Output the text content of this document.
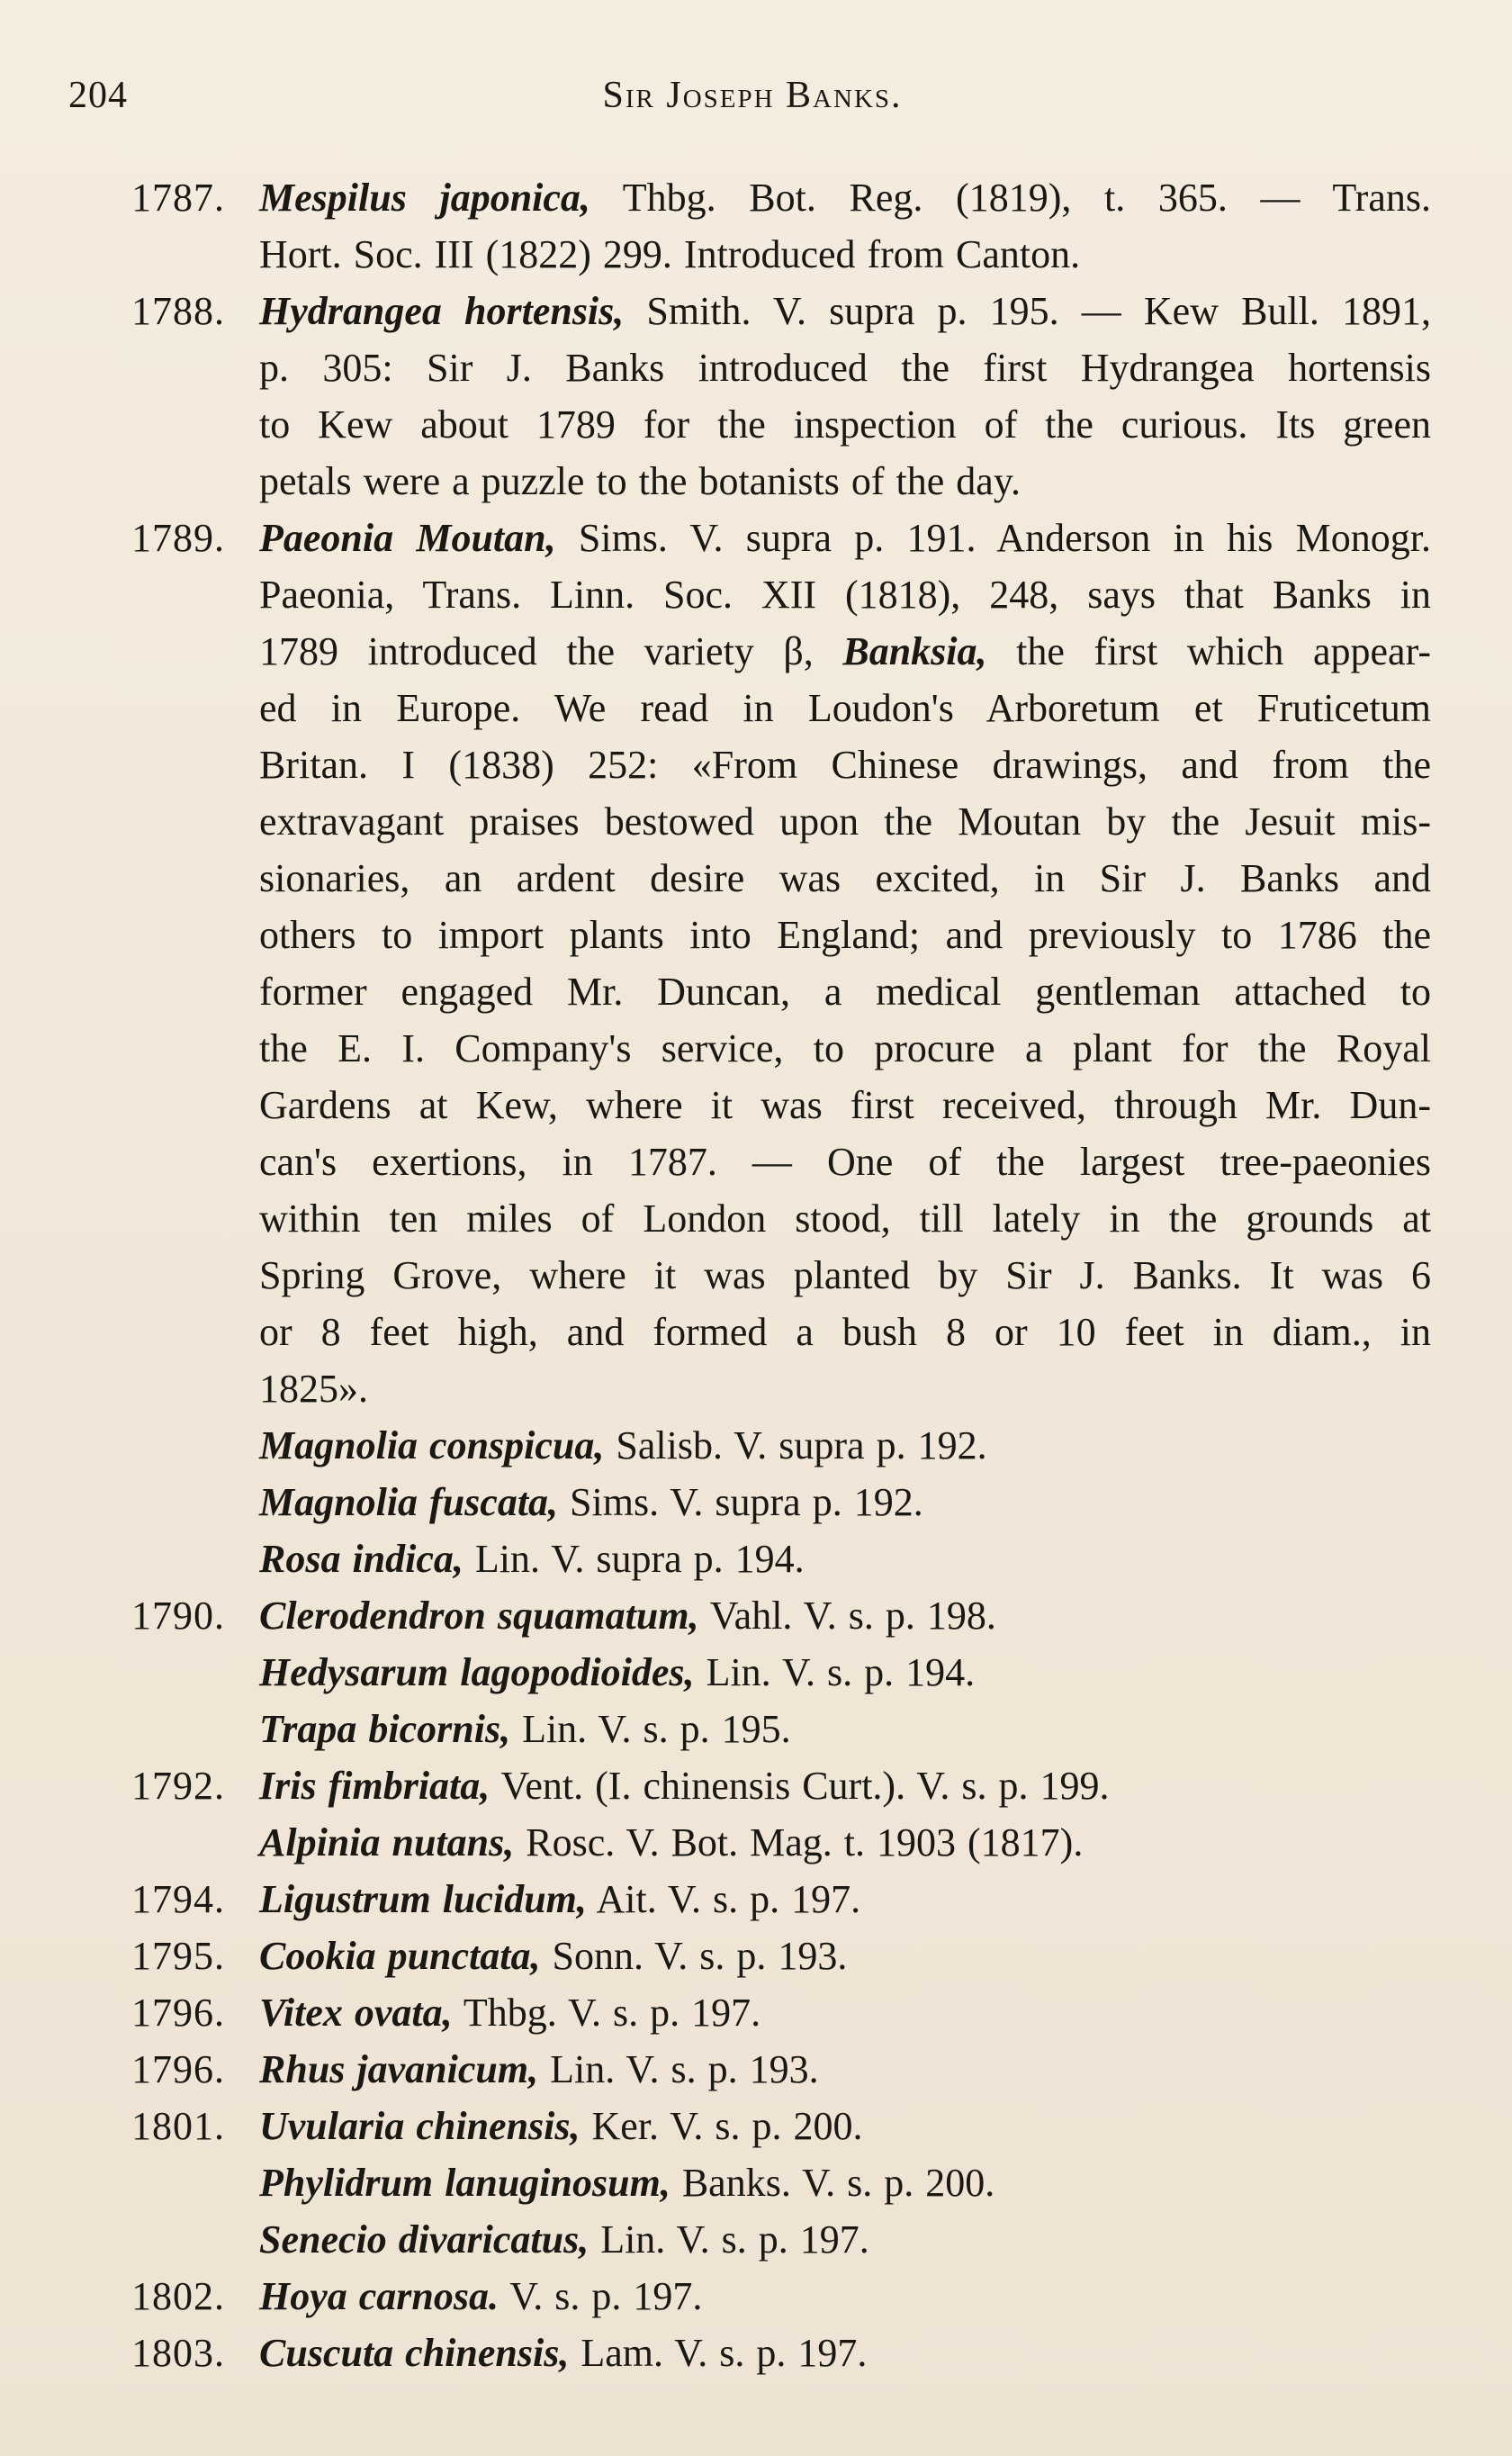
204	Sir Joseph Banks.
1787. Mespilus japonica, Thbg. Bot. Reg. (1819), t. 365. — Trans.
Hort. Soc. III (1822) 299. Introduced from Canton.
1788. Hydrangea hortensis, Smith. V. supra p. 195. — Kew Bull. 1891,
p. 305: Sir J. Banks introduced the first Hydrangea hortensis
to Kew about 1789 for the inspection of the curious. Its green
petals were a puzzle to the botanists of the day.
1789. Paeonia Moutan, Sims. V. supra p. 191. Anderson in his Monogr.
Paeonia, Trans. Linn. Soc. XII (1818), 248, says that Banks in
1789 introduced the variety β, Banksia, the first which appear-
ed in Europe. We read in Loudon's Arboretum et Fruticetum
Britan. I (1838) 252: «From Chinese drawings, and from the
extravagant praises bestowed upon the Moutan by the Jesuit mis-
sionaries, an ardent desire was excited, in Sir J. Banks and
others to import plants into England; and previously to 1786 the
former engaged Mr. Duncan, a medical gentleman attached to
the E. I. Company's service, to procure a plant for the Royal
Gardens at Kew, where it was first received, through Mr. Dun-
can's exertions, in 1787. — One of the largest tree-paeonies
within ten miles of London stood, till lately in the grounds at
Spring Grove, where it was planted by Sir J. Banks. It was 6
or 8 feet high, and formed a bush 8 or 10 feet in diam., in
1825».
Magnolia conspicua, Salisb. V. supra p. 192.
Magnolia fuscata, Sims. V. supra p. 192.
Rosa indica, Lin. V. supra p. 194.
1790. Clerodendron squamatum, Vahl. V. s. p. 198.
Hedysarum lagopodioides, Lin. V. s. p. 194.
Trapa bicornis, Lin. V. s. p. 195.
1792. Iris fimbriata, Vent. (I. chinensis Curt.). V. s. p. 199.
Alpinia nutans, Rosc. V. Bot. Mag. t. 1903 (1817).
1794. Ligustrum lucidum, Ait. V. s. p. 197.
1795. Cookia punctata, Sonn. V. s. p. 193.
1796. Vitex ovata, Thbg. V. s. p. 197.
1796. Rhus javanicum, Lin. V. s. p. 193.
1801. Uvularia chinensis, Ker. V. s. p. 200.
Phylidrum lanuginosum, Banks. V. s. p. 200.
Senecio divaricatus, Lin. V. s. p. 197.
1802. Hoya carnosa. V. s. p. 197.
1803. Cuscuta chinensis, Lam. V. s. p. 197.
